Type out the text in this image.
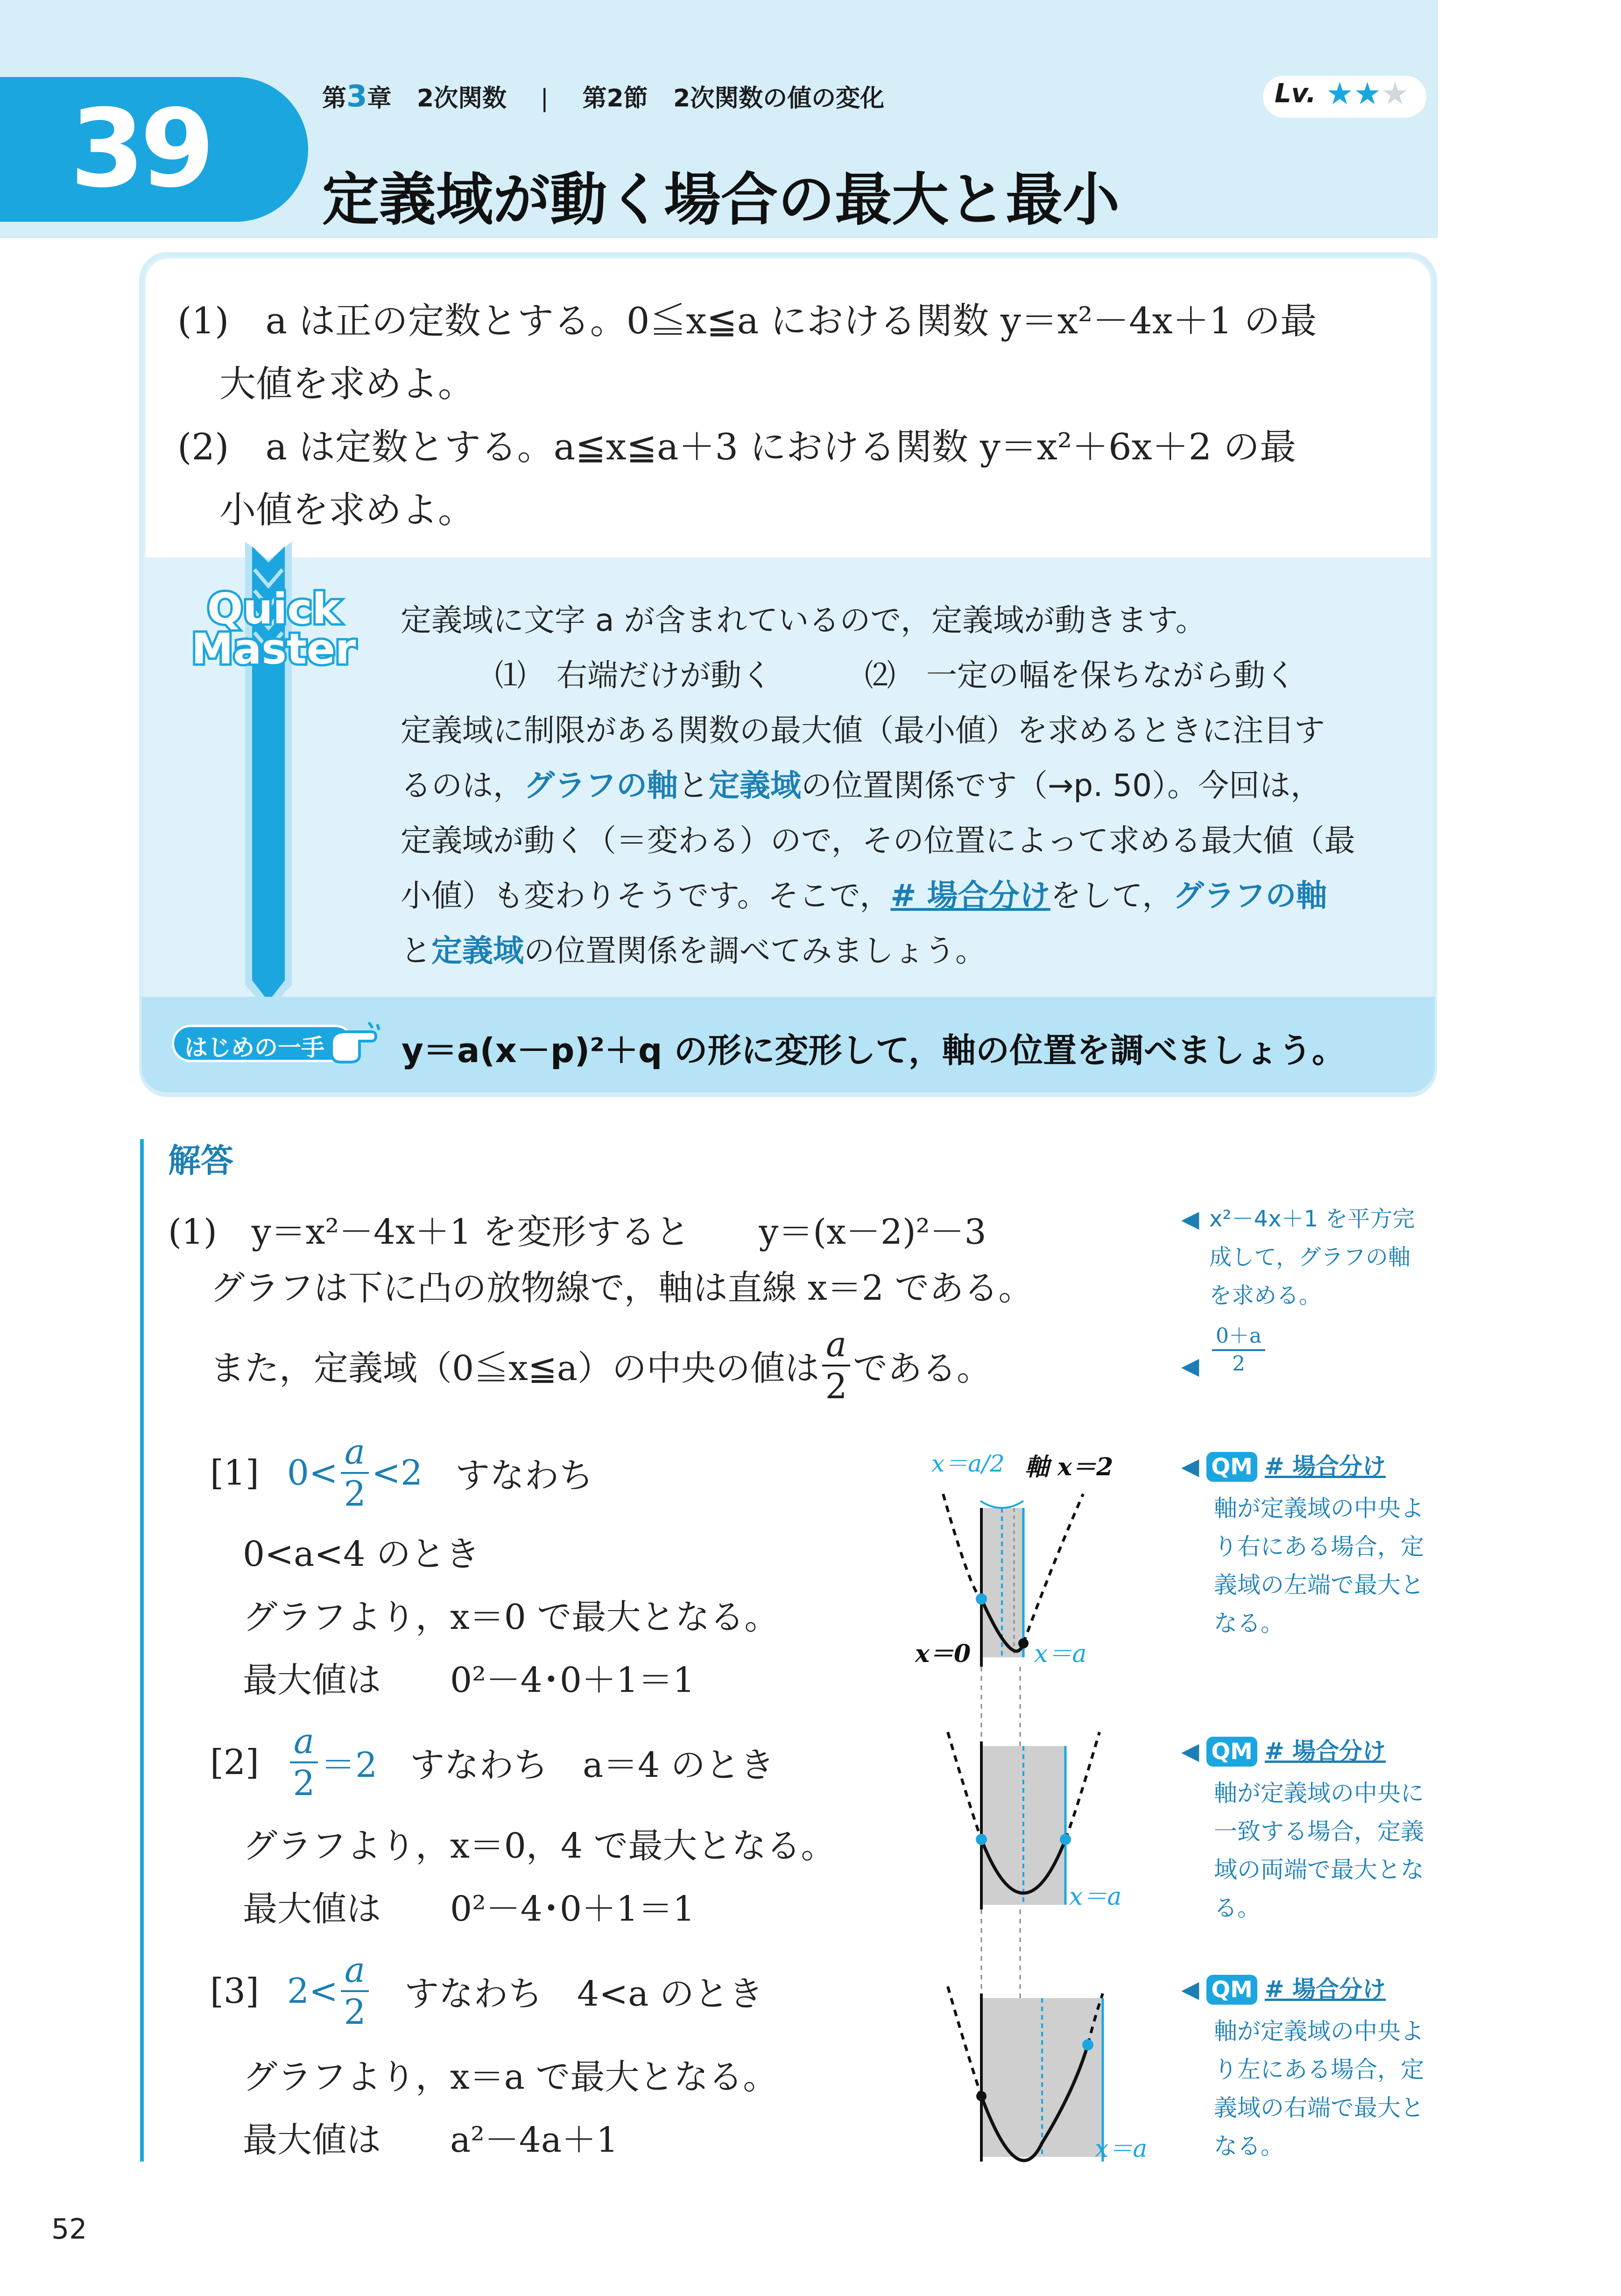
39	第3章 2次関数 | 第2節 2次関数の値の変化	Lv. ★★★
定義域が動く場合の最大と最小
(1)　a は正の定数とする。0≦x≦a における関数 y＝x²－4x＋1 の最
大値を求めよ。
(2)　a は定数とする。a≦x≦a＋3 における関数 y＝x²＋6x＋2 の最
小値を求めよ。
Quick
Master
定義域に文字 a が含まれているので，定義域が動きます。
⑴　右端だけが動く　　　⑵　一定の幅を保ちながら動く
定義域に制限がある関数の最大値（最小値）を求めるときに注目す
るのは，グラフの軸と定義域の位置関係です（→p. 50）。今回は，
定義域が動く（＝変わる）ので，その位置によって求める最大値（最
小値）も変わりそうです。そこで，# 場合分けをして，グラフの軸
と定義域の位置関係を調べてみましょう。
はじめの一手 y＝a(x－p)²＋q の形に変形して，軸の位置を調べましょう。
解答
(1)　y＝x²－4x＋1 を変形すると　　y＝(x－2)²－3
グラフは下に凸の放物線で，軸は直線 x＝2 である。
また，定義域（0≦x≦a）の中央の値は $\frac{a}{2}$ である。
[1] $0< \frac{a}{2} <2$ すなわち
0<a<4 のとき
グラフより，x＝0 で最大となる。
最大値は　　0²－4･0＋1＝1
$[2] \frac{a}{2} =2$ すなわち　a＝4 のとき
グラフより，x＝0，4 で最大となる。
最大値は　　0²－4･0＋1＝1
[3] $2< \frac{a}{2}$ すなわち　4<a のとき
グラフより，x＝a で最大となる。
最大値は　　a²－4a＋1
x＝a/2 軸 x＝2
x＝0	x＝a
x＝a
x＝a
◀ x²－4x＋1 を平方完
成して，グラフの軸
を求める。
◀ $\frac{0+a}{2}$
◀ QM # 場合分け
軸が定義域の中央よ
り右にある場合，定
義域の左端で最大と
なる。
◀ QM # 場合分け
軸が定義域の中央に
一致する場合，定義
域の両端で最大とな
る。
◀ QM # 場合分け
軸が定義域の中央よ
り左にある場合，定
義域の右端で最大と
なる。
52
